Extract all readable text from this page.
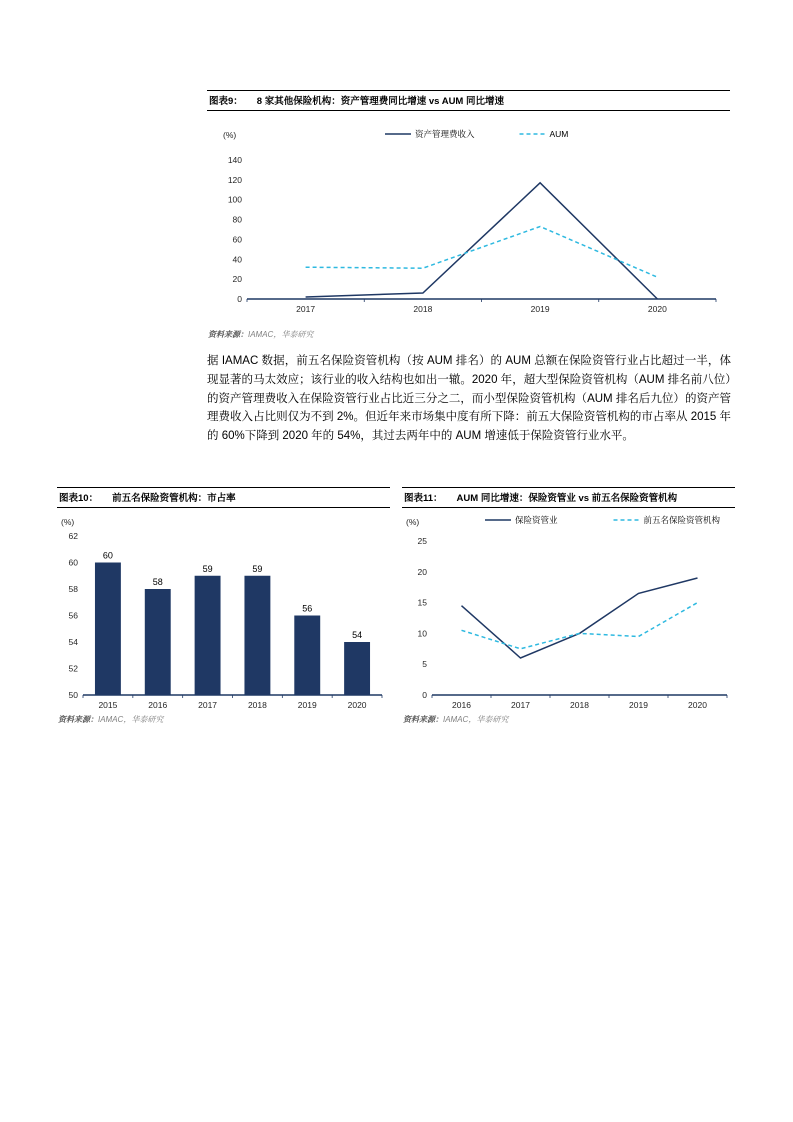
图表9： 8 家其他保险机构：资产管理费同比增速 vs AUM 同比增速
0
20
40
60
80
100
120
140
(%)
2017	2018	2019	2020
资产管理费收入	AUM
资料来源：IAMAC，华泰研究

据 IAMAC 数据，前五名保险资管机构（按 AUM 排名）的 AUM 总额在保险资管行业占比超过一半，体现显著的马太效应；该行业的收入结构也如出一辙。2020 年，超大型保险资管机构（AUM 排名前八位）的资产管理费收入在保险资管行业占比近三分之二，而小型保险资管机构（AUM 排名后九位）的资产管理费收入占比则仅为不到 2%。但近年来市场集中度有所下降：前五大保险资管机构的市占率从 2015 年的 60%下降到 2020 年的 54%，其过去两年中的 AUM 增速低于保险资管行业水平。

图表10： 前五名保险资管机构：市占率
50
52
54
56
58
60
62
(%)
2015	2016	2017	2018	2019	2020
60
58
59	59
56
54
资料来源：IAMAC，华泰研究
图表11： AUM 同比增速：保险资管业 vs 前五名保险资管机构
0
5
10
15
20
25
(%)
2016	2017	2018	2019	2020
保险资管业	前五名保险资管机构
资料来源：IAMAC，华泰研究
